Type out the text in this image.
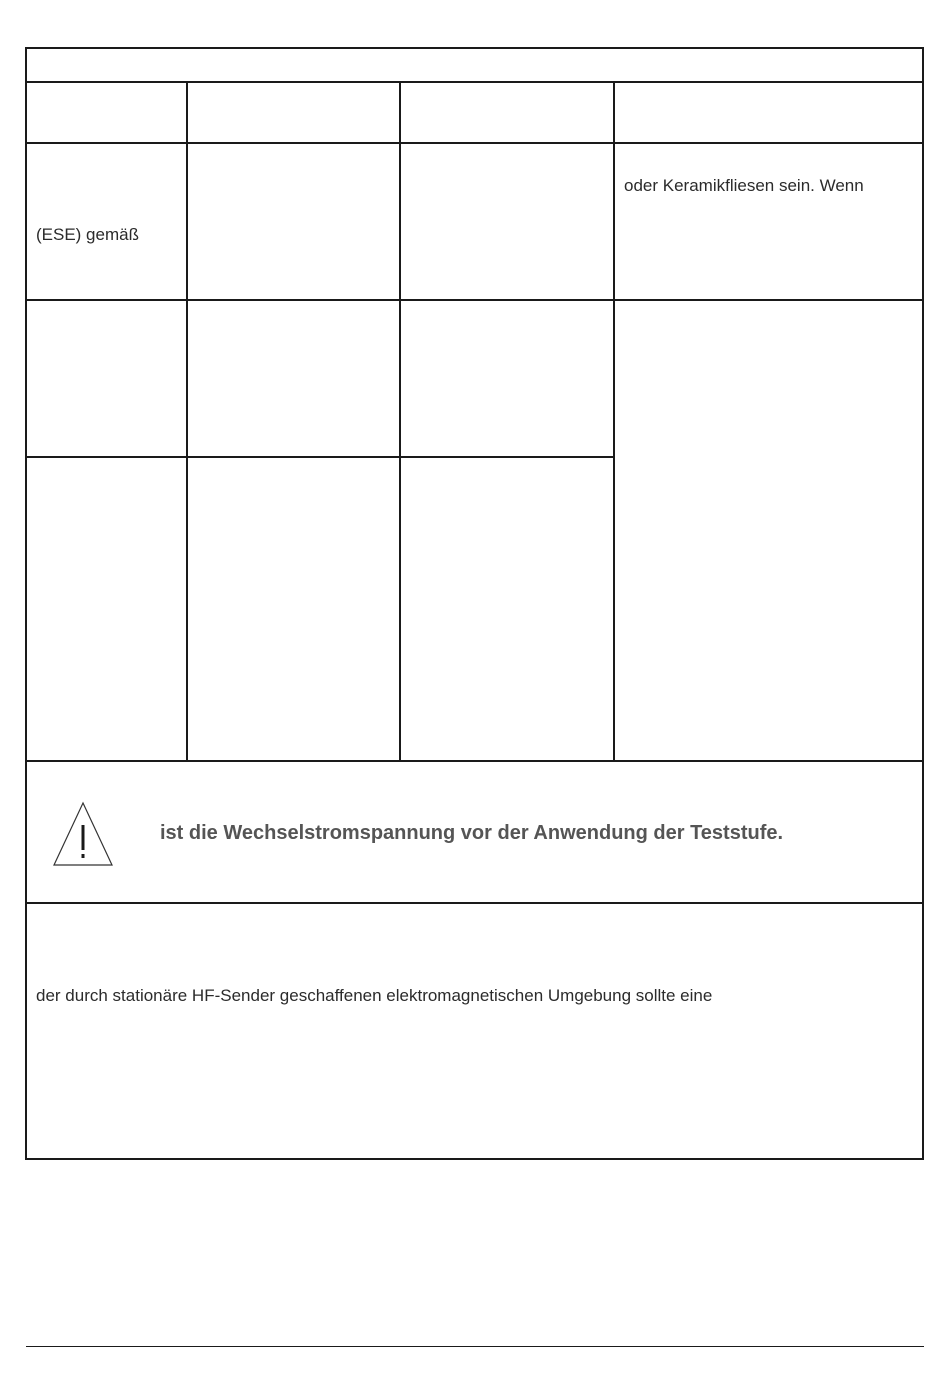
(ESE) gemäß
oder Keramikfliesen sein. Wenn
ist die Wechselstromspannung vor der Anwendung der Teststufe.
der durch stationäre HF-Sender geschaffenen elektromagnetischen Umgebung sollte eine
